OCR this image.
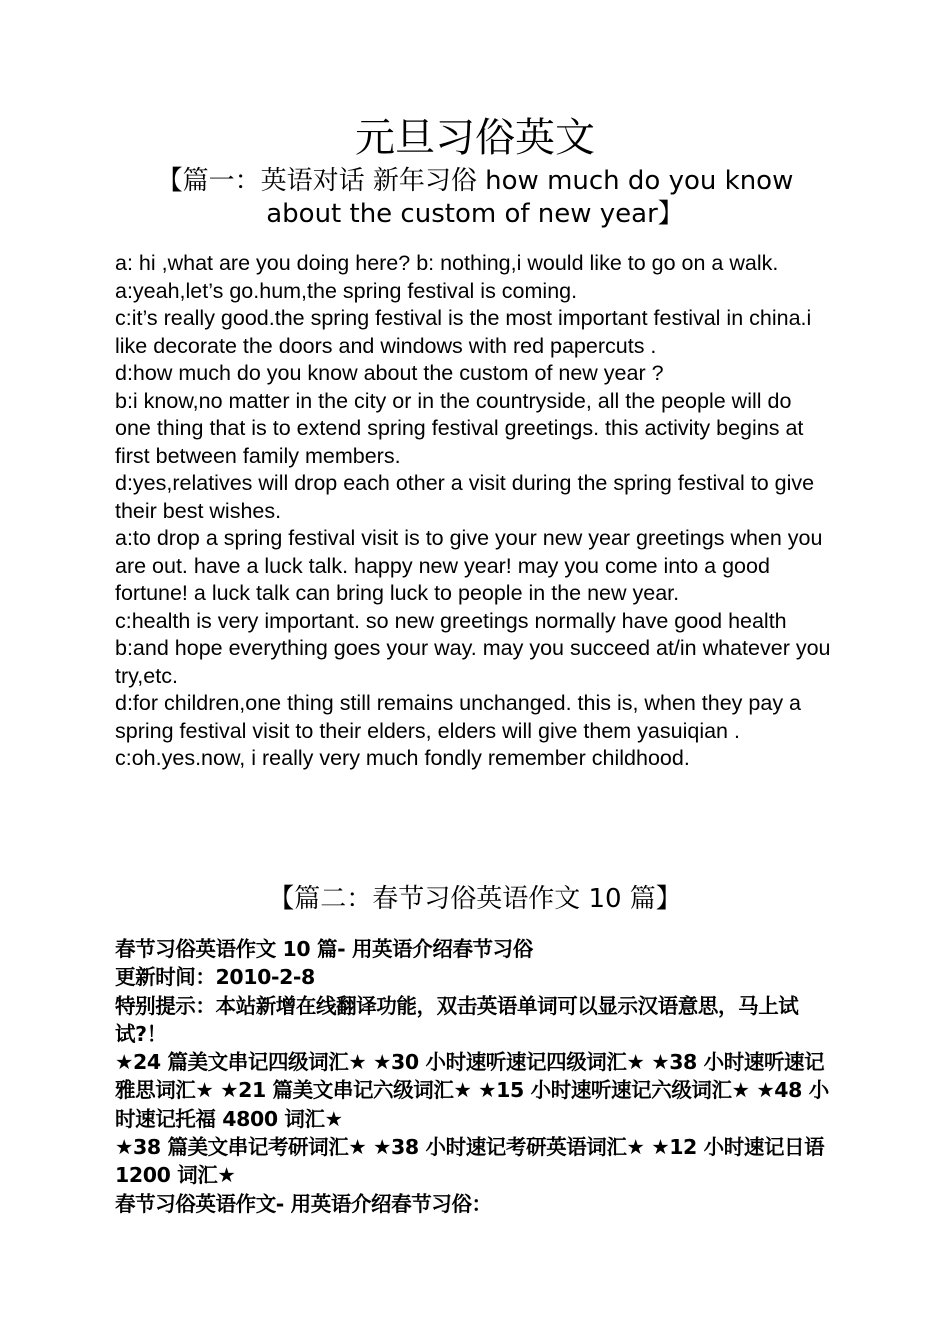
元旦习俗英文
【篇一：英语对话 新年习俗 how much do you know about the custom of new year】

a: hi ,what are you doing here? b: nothing,i would like to go on a walk.

a:yeah,let’s go.hum,the spring festival is coming.

c:it’s really good.the spring festival is the most important festival in china.i like decorate the doors and windows with red papercuts .

d:how much do you know about the custom of new year ?

b:i know,no matter in the city or in the countryside, all the people will do one thing that is to extend spring festival greetings. this activity begins at first between family members.

d:yes,relatives will drop each other a visit during the spring festival to give their best wishes.

a:to drop a spring festival visit is to give your new year greetings when you are out. have a luck talk. happy new year! may you come into a good fortune! a luck talk can bring luck to people in the new year.

c:health is very important. so new greetings normally have good health

b:and hope everything goes your way. may you succeed at/in whatever you try,etc.

d:for children,one thing still remains unchanged. this is, when they pay a spring festival visit to their elders, elders will give them yasuiqian .

c:oh.yes.now, i really very much fondly remember childhood.

【篇二：春节习俗英语作文 10 篇】

春节习俗英语作文 10 篇- 用英语介绍春节习俗

更新时间：2010-2-8

特别提示：本站新增在线翻译功能，双击英语单词可以显示汉语意思，马上试试?！

★24 篇美文串记四级词汇★ ★30 小时速听速记四级词汇★ ★38 小时速听速记雅思词汇★ ★21 篇美文串记六级词汇★ ★15 小时速听速记六级词汇★ ★48 小时速记托福 4800 词汇★

★38 篇美文串记考研词汇★ ★38 小时速记考研英语词汇★ ★12 小时速记日语 1200 词汇★

春节习俗英语作文- 用英语介绍春节习俗：
